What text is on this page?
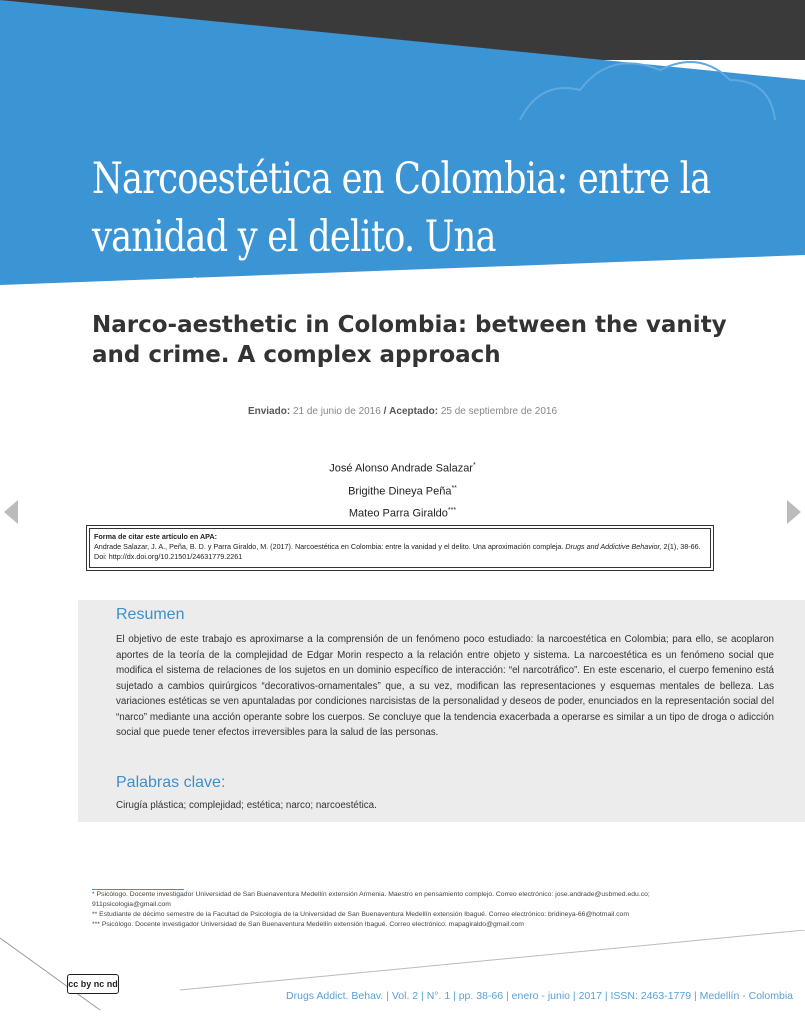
Narcoestética en Colombia: entre la vanidad y el delito. Una aproximación compleja
Narco-aesthetic in Colombia: between the vanity and crime. A complex approach
Enviado: 21 de junio de 2016 / Aceptado: 25 de septiembre de 2016
José Alonso Andrade Salazar*
Brigithe Dineya Peña**
Mateo Parra Giraldo***
Forma de citar este artículo en APA:
Andrade Salazar, J. A., Peña, B. D. y Parra Giraldo, M. (2017). Narcoestética en Colombia: entre la vanidad y el delito. Una aproximación compleja. Drugs and Addictive Behavior, 2(1), 38-66.
Doi: http://dx.doi.org/10.21501/24631779.2261
Resumen
El objetivo de este trabajo es aproximarse a la comprensión de un fenómeno poco estudiado: la narcoestética en Colombia; para ello, se acoplaron aportes de la teoría de la complejidad de Edgar Morin respecto a la relación entre objeto y sistema. La narcoestética es un fenómeno social que modifica el sistema de relaciones de los sujetos en un dominio específico de interacción: “el narcotráfico”. En este escenario, el cuerpo femenino está sujetado a cambios quirúrgicos “decorativos-ornamentales” que, a su vez, modifican las representaciones y esquemas mentales de belleza. Las variaciones estéticas se ven apuntaladas por condiciones narcisistas de la personalidad y deseos de poder, enunciados en la representación social del “narco” mediante una acción operante sobre los cuerpos. Se concluye que la tendencia exacerbada a operarse es similar a un tipo de droga o adicción social que puede tener efectos irreversibles para la salud de las personas.
Palabras clave:
Cirugía plástica; complejidad; estética; narco; narcoestética.
* Psicólogo. Docente investigador Universidad de San Buenaventura Medellín extensión Armenia. Maestro en pensamiento complejo. Correo electrónico: jose.andrade@usbmed.edu.co; 911psicologia@gmail.com
** Estudiante de décimo semestre de la Facultad de Psicología de la Universidad de San Buenaventura Medellín extensión Ibagué. Correo electrónico: bridineya-66@hotmail.com
*** Psicólogo. Docente investigador Universidad de San Buenaventura Medellín extensión Ibagué. Correo electrónico: mapagiraldo@gmail.com
cc by nc nd
Drugs Addict. Behav. | Vol. 2 | N°. 1 | pp. 38-66 | enero - junio | 2017 | ISSN: 2463-1779 | Medellín - Colombia
